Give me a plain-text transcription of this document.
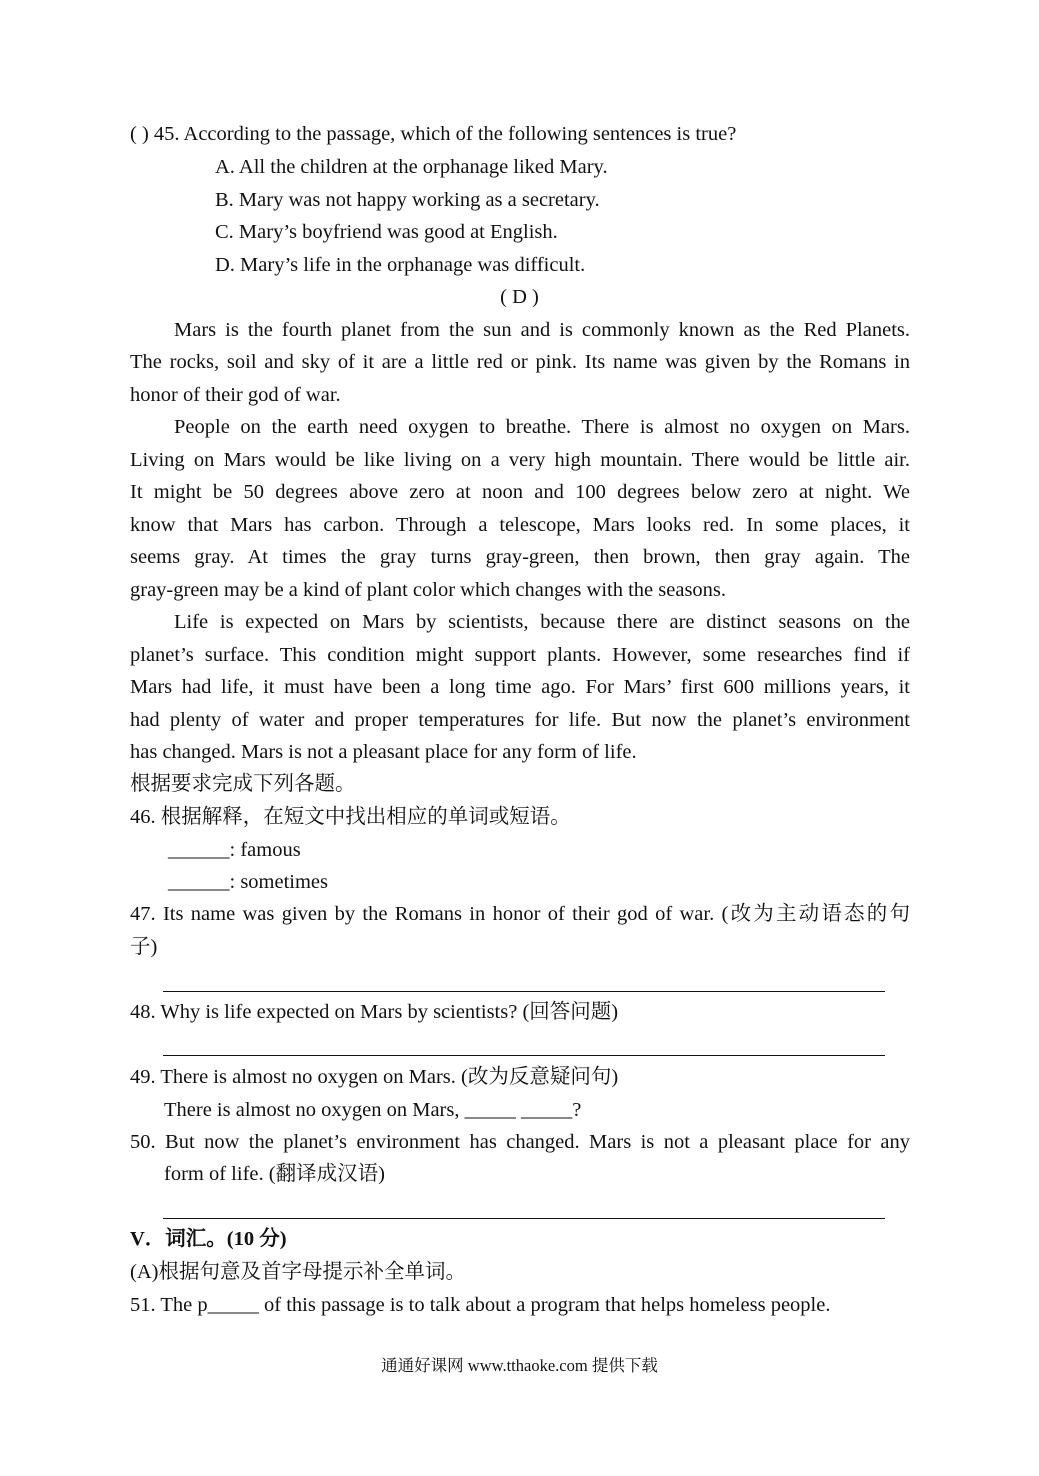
( ) 45. According to the passage, which of the following sentences is true?
A. All the children at the orphanage liked Mary.
B. Mary was not happy working as a secretary.
C. Mary’s boyfriend was good at English.
D. Mary’s life in the orphanage was difficult.
( D )
Mars is the fourth planet from the sun and is commonly known as the Red Planets.
The rocks, soil and sky of it are a little red or pink. Its name was given by the Romans in
honor of their god of war.
People on the earth need oxygen to breathe. There is almost no oxygen on Mars.
Living on Mars would be like living on a very high mountain. There would be little air.
It might be 50 degrees above zero at noon and 100 degrees below zero at night. We
know that Mars has carbon. Through a telescope, Mars looks red. In some places, it
seems gray. At times the gray turns gray-green, then brown, then gray again. The
gray-green may be a kind of plant color which changes with the seasons.
Life is expected on Mars by scientists, because there are distinct seasons on the
planet’s surface. This condition might support plants. However, some researches find if
Mars had life, it must have been a long time ago. For Mars’ first 600 millions years, it
had plenty of water and proper temperatures for life. But now the planet’s environment
has changed. Mars is not a pleasant place for any form of life.
根据要求完成下列各题。
46. 根据解释，在短文中找出相应的单词或短语。
______: famous
______: sometimes
47. Its name was given by the Romans in honor of their god of war. (改为主动语态的句
子)
48. Why is life expected on Mars by scientists? (回答问题)
49. There is almost no oxygen on Mars. (改为反意疑问句)
There is almost no oxygen on Mars, _____ _____?
50. But now the planet’s environment has changed. Mars is not a pleasant place for any
form of life. (翻译成汉语)
V．词汇。(10 分)
(A)根据句意及首字母提示补全单词。
51. The p_____ of this passage is to talk about a program that helps homeless people.
通通好课网 www.tthaoke.com 提供下载
